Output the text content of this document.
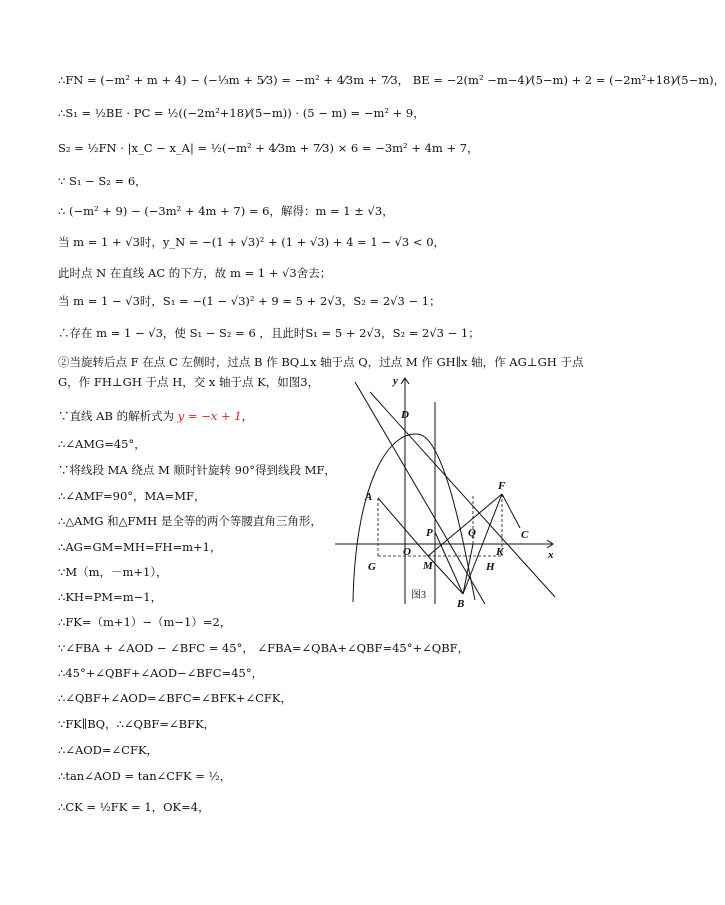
∴FN = (−m² + m + 4) − (−⅓m + 5⁄3) = −m² + 4⁄3m + 7⁄3， BE = −2(m² −m−4)⁄(5−m) + 2 = (−2m²+18)⁄(5−m)，
∴S₁ = ½BE · PC = ½((−2m²+18)⁄(5−m)) · (5 − m) = −m² + 9，
S₂ = ½FN · |x_C − x_A| = ½(−m² + 4⁄3m + 7⁄3) × 6 = −3m² + 4m + 7，
∵ S₁ − S₂ = 6，
∴ (−m² + 9) − (−3m² + 4m + 7) = 6，解得：m = 1 ± √3，
当 m = 1 + √3时，y_N = −(1 + √3)² + (1 + √3) + 4 = 1 − √3 < 0，
此时点 N 在直线 AC 的下方，故 m = 1 + √3舍去；
当 m = 1 − √3时，S₁ = −(1 − √3)² + 9 = 5 + 2√3，S₂ = 2√3 − 1；
∴存在 m = 1 − √3，使 S₁ − S₂ = 6 ，且此时S₁ = 5 + 2√3，S₂ = 2√3 − 1；
②当旋转后点 F 在点 C 左侧时，过点 B 作 BQ⊥x 轴于点 Q，过点 M 作 GH∥x 轴，作 AG⊥GH 于点 G，作 FH⊥GH 于点 H，交 x 轴于点 K，如图3，
∵直线 AB 的解析式为 y = −x + 1，
∴∠AMG=45°，
∵将线段 MA 绕点 M 顺时针旋转 90°得到线段 MF，
∴∠AMF=90°，MA=MF，
∴△AMG 和△FMH 是全等的两个等腰直角三角形，
∴AG=GM=MH=FH=m+1，
∵M（m，－m+1），
∴KH=PM=m−1，
∴FK=（m+1）−（m−1）=2，
∵∠FBA + ∠AOD − ∠BFC = 45°， ∠FBA=∠QBA+∠QBF=45°+∠QBF，
∴45°+∠QBF+∠AOD−∠BFC=45°，
∴∠QBF+∠AOD=∠BFC=∠BFK+∠CFK，
∵FK∥BQ，∴∠QBF=∠BFK，
∴∠AOD=∠CFK，
∴tan∠AOD = tan∠CFK = ½，
∴CK = ½FK = 1，OK=4，
y
x
D
F
A
P	Q	C
O
M
K
G	H
B
图3
